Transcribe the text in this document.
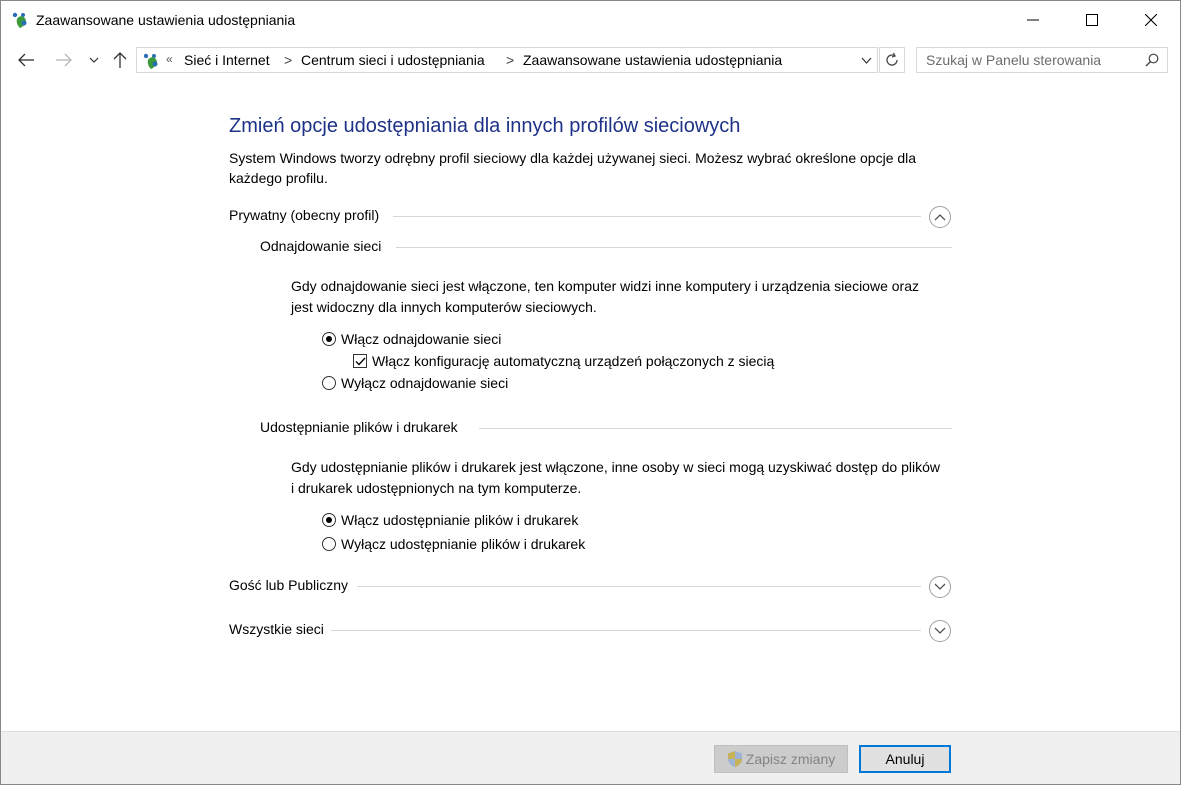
Zaawansowane ustawienia udostępniania
« Sieć i Internet > Centrum sieci i udostępniania > Zaawansowane ustawienia udostępniania	Szukaj w Panelu sterowania
Zmień opcje udostępniania dla innych profilów sieciowych
System Windows tworzy odrębny profil sieciowy dla każdej używanej sieci. Możesz wybrać określone opcje dla każdego profilu.
Prywatny (obecny profil)
Odnajdowanie sieci
Gdy odnajdowanie sieci jest włączone, ten komputer widzi inne komputery i urządzenia sieciowe oraz jest widoczny dla innych komputerów sieciowych.
Włącz odnajdowanie sieci
Włącz konfigurację automatyczną urządzeń połączonych z siecią
Wyłącz odnajdowanie sieci
Udostępnianie plików i drukarek
Gdy udostępnianie plików i drukarek jest włączone, inne osoby w sieci mogą uzyskiwać dostęp do plików i drukarek udostępnionych na tym komputerze.
Włącz udostępnianie plików i drukarek
Wyłącz udostępnianie plików i drukarek
Gość lub Publiczny
Wszystkie sieci
Zapisz zmiany	Anuluj
